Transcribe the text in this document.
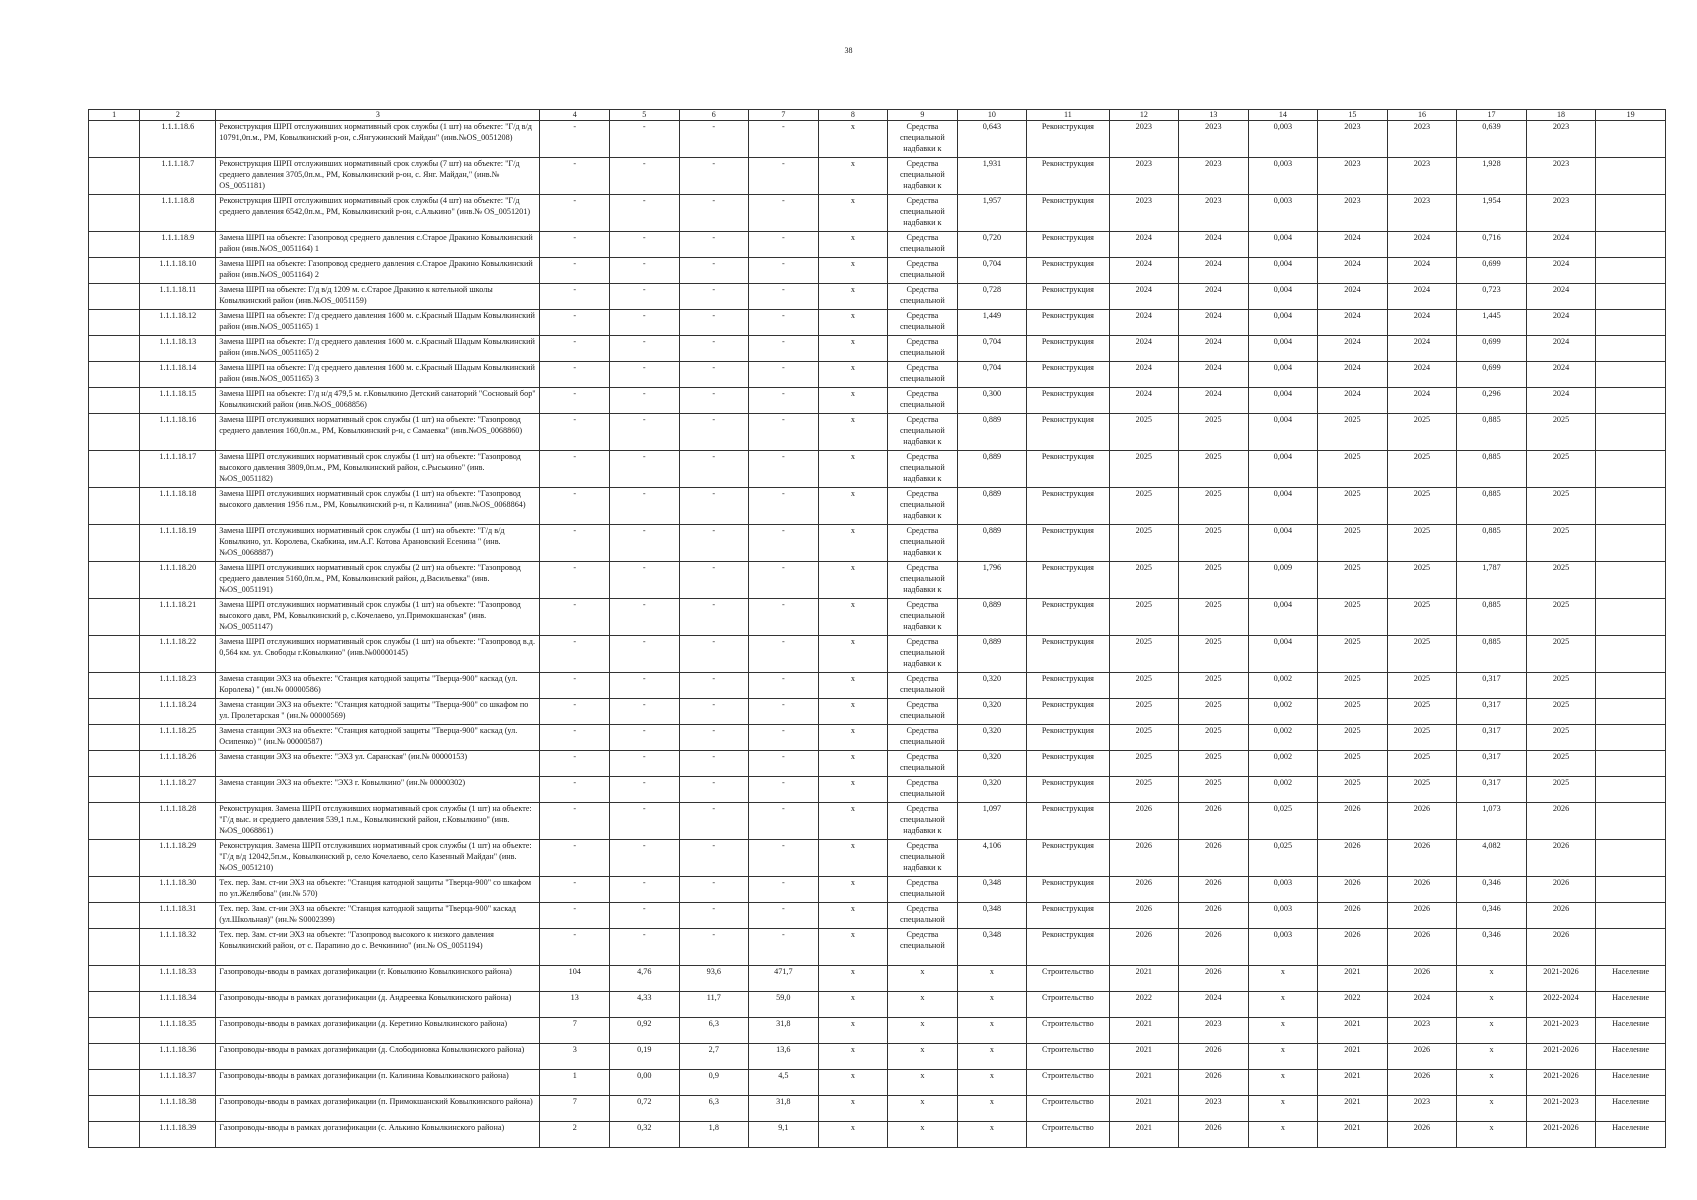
38
1	2	3	4	5	6	7	8	9	10	11	12	13	14	15	16	17	18	19
	1.1.1.18.6	Реконструкция ШРП отслуживших нормативный срок службы (1 шт) на объекте: "Г/д в/д 10791,0п.м., РМ, Ковылкинский р-он, с.Янгужинский Майдан" (инв.№OS_0051208)	-	-	-	-	х	Средства специальной надбавки к	0,643	Реконструкция	2023	2023	0,003	2023	2023	0,639	2023	
	1.1.1.18.7	Реконструкция ШРП отслуживших нормативный срок службы (7 шт) на объекте: "Г/д среднего давления 3705,0п.м., РМ, Ковылкинский р-он, с. Янг. Майдан," (инв.№ OS_0051181)	-	-	-	-	х	Средства специальной надбавки к	1,931	Реконструкция	2023	2023	0,003	2023	2023	1,928	2023	
	1.1.1.18.8	Реконструкция ШРП отслуживших нормативный срок службы (4 шт) на объекте: "Г/д среднего давления 6542,0п.м., РМ, Ковылкинский р-он, с.Алькино" (инв.№ OS_0051201)	-	-	-	-	х	Средства специальной надбавки к	1,957	Реконструкция	2023	2023	0,003	2023	2023	1,954	2023	
	1.1.1.18.9	Замена ШРП на объекте: Газопровод среднего давления с.Старое Дракино Ковылкинский район (инв.№OS_0051164) 1	-	-	-	-	х	Средства специальной	0,720	Реконструкция	2024	2024	0,004	2024	2024	0,716	2024	
	1.1.1.18.10	Замена ШРП на объекте: Газопровод среднего давления с.Старое Дракино Ковылкинский район (инв.№OS_0051164) 2	-	-	-	-	х	Средства специальной	0,704	Реконструкция	2024	2024	0,004	2024	2024	0,699	2024	
	1.1.1.18.11	Замена ШРП на объекте: Г/д в/д 1209 м. с.Старое Дракино к котельной школы Ковылкинский район (инв.№OS_0051159)	-	-	-	-	х	Средства специальной	0,728	Реконструкция	2024	2024	0,004	2024	2024	0,723	2024	
	1.1.1.18.12	Замена ШРП на объекте: Г/д среднего давления 1600 м. с.Красный Шадым Ковылкинский район (инв.№OS_0051165) 1	-	-	-	-	х	Средства специальной	1,449	Реконструкция	2024	2024	0,004	2024	2024	1,445	2024	
	1.1.1.18.13	Замена ШРП на объекте: Г/д среднего давления 1600 м. с.Красный Шадым Ковылкинский район (инв.№OS_0051165) 2	-	-	-	-	х	Средства специальной	0,704	Реконструкция	2024	2024	0,004	2024	2024	0,699	2024	
	1.1.1.18.14	Замена ШРП на объекте: Г/д среднего давления 1600 м. с.Красный Шадым Ковылкинский район (инв.№OS_0051165) 3	-	-	-	-	х	Средства специальной	0,704	Реконструкция	2024	2024	0,004	2024	2024	0,699	2024	
	1.1.1.18.15	Замена ШРП на объекте: Г/д н/д 479,5 м. г.Ковылкино Детский санаторий "Сосновый бор" Ковылкинский район (инв.№OS_0068856)	-	-	-	-	х	Средства специальной	0,300	Реконструкция	2024	2024	0,004	2024	2024	0,296	2024	
	1.1.1.18.16	Замена ШРП отслуживших нормативный срок службы (1 шт) на объекте: "Газопровод среднего давления 160,0п.м., РМ, Ковылкинский р-н, с Самаевка" (инв.№OS_0068860)	-	-	-	-	х	Средства специальной надбавки к	0,889	Реконструкция	2025	2025	0,004	2025	2025	0,885	2025	
	1.1.1.18.17	Замена ШРП отслуживших нормативный срок службы (1 шт) на объекте: "Газопровод высокого давления 3809,0п.м., РМ, Ковылкинский район, с.Рыськино" (инв.№OS_0051182)	-	-	-	-	х	Средства специальной надбавки к	0,889	Реконструкция	2025	2025	0,004	2025	2025	0,885	2025	
	1.1.1.18.18	Замена ШРП отслуживших нормативный срок службы (1 шт) на объекте: "Газопровод высокого давления 1956 п.м., РМ, Ковылкинский р-н, п Калинина" (инв.№OS_0068864)	-	-	-	-	х	Средства специальной надбавки к	0,889	Реконструкция	2025	2025	0,004	2025	2025	0,885	2025	
	1.1.1.18.19	Замена ШРП отслуживших нормативный срок службы (1 шт) на объекте: "Г/д в/д Ковылкино, ул. Королева, Скабкина, им.А.Г. Котова Арановский Есенина " (инв.№OS_0068887)	-	-	-	-	х	Средства специальной надбавки к	0,889	Реконструкция	2025	2025	0,004	2025	2025	0,885	2025	
	1.1.1.18.20	Замена ШРП отслуживших нормативный срок службы (2 шт) на объекте: "Газопровод среднего давления 5160,0п.м., РМ, Ковылкинский район, д.Васильевка" (инв.№OS_0051191)	-	-	-	-	х	Средства специальной надбавки к	1,796	Реконструкция	2025	2025	0,009	2025	2025	1,787	2025	
	1.1.1.18.21	Замена ШРП отслуживших нормативный срок службы (1 шт) на объекте: "Газопровод высокого давл, РМ, Ковылкинский р, с.Кочелаево, ул.Примокшанская" (инв.№OS_0051147)	-	-	-	-	х	Средства специальной надбавки к	0,889	Реконструкция	2025	2025	0,004	2025	2025	0,885	2025	
	1.1.1.18.22	Замена ШРП отслуживших нормативный срок службы (1 шт) на объекте: "Газопровод в.д. 0,564 км. ул. Свободы г.Ковылкино" (инв.№00000145)	-	-	-	-	х	Средства специальной надбавки к	0,889	Реконструкция	2025	2025	0,004	2025	2025	0,885	2025	
	1.1.1.18.23	Замена станции ЭХЗ на объекте: "Станция катодной защиты "Тверца-900" каскад (ул. Королева) " (ин.№ 00000586)	-	-	-	-	х	Средства специальной	0,320	Реконструкция	2025	2025	0,002	2025	2025	0,317	2025	
	1.1.1.18.24	Замена станции ЭХЗ на объекте: "Станция катодной защиты "Тверца-900" со шкафом по ул. Пролетарская " (ин.№ 00000569)	-	-	-	-	х	Средства специальной	0,320	Реконструкция	2025	2025	0,002	2025	2025	0,317	2025	
	1.1.1.18.25	Замена станции ЭХЗ на объекте: "Станция катодной защиты "Тверца-900" каскад (ул. Осипенко) " (ин.№ 00000587)	-	-	-	-	х	Средства специальной	0,320	Реконструкция	2025	2025	0,002	2025	2025	0,317	2025	
	1.1.1.18.26	Замена станции ЭХЗ на объекте: "ЭХЗ ул. Саранская" (ин.№ 00000153)	-	-	-	-	х	Средства специальной	0,320	Реконструкция	2025	2025	0,002	2025	2025	0,317	2025	
	1.1.1.18.27	Замена станции ЭХЗ на объекте: "ЭХЗ г. Ковылкино" (ин.№ 00000302)	-	-	-	-	х	Средства специальной	0,320	Реконструкция	2025	2025	0,002	2025	2025	0,317	2025	
	1.1.1.18.28	Реконструкция. Замена ШРП отслуживших нормативный срок службы (1 шт) на объекте: "Г/д выс. и среднего давления 539,1 п.м., Ковылкинский район, г.Ковылкино" (инв.№OS_0068861)	-	-	-	-	х	Средства специальной надбавки к	1,097	Реконструкция	2026	2026	0,025	2026	2026	1,073	2026	
	1.1.1.18.29	Реконструкция. Замена ШРП отслуживших нормативный срок службы (1 шт) на объекте: "Г/д в/д 12042,5п.м., Ковылкинский р, село Кочелаево, село Казенный Майдан" (инв.№OS_0051210)	-	-	-	-	х	Средства специальной надбавки к	4,106	Реконструкция	2026	2026	0,025	2026	2026	4,082	2026	
	1.1.1.18.30	Тех. пер. Зам. ст-ии ЭХЗ на объекте: "Станция катодной защиты "Тверца-900" со шкафом по ул.Желябова" (ин.№ 570)	-	-	-	-	х	Средства специальной	0,348	Реконструкция	2026	2026	0,003	2026	2026	0,346	2026	
	1.1.1.18.31	Тех. пер. Зам. ст-ии ЭХЗ на объекте: "Станция катодной защиты "Тверца-900" каскад (ул.Школьная)" (ин.№ S0002399)	-	-	-	-	х	Средства специальной	0,348	Реконструкция	2026	2026	0,003	2026	2026	0,346	2026	
	1.1.1.18.32	Тех. пер. Зам. ст-ии ЭХЗ на объекте: "Газопровод высокого к низкого давления Ковылкинский район, от с. Парапино до с. Вечкинино" (ин.№ OS_0051194)	-	-	-	-	х	Средства специальной	0,348	Реконструкция	2026	2026	0,003	2026	2026	0,346	2026	
	1.1.1.18.33	Газопроводы-вводы в рамках догазификации (г. Ковылкино Ковылкинского района)	104	4,76	93,6	471,7	х	х	х	Строительство	2021	2026	х	2021	2026	х	2021-2026	Население
	1.1.1.18.34	Газопроводы-вводы в рамках догазификации (д. Андреевка Ковылкинского района)	13	4,33	11,7	59,0	х	х	х	Строительство	2022	2024	х	2022	2024	х	2022-2024	Население
	1.1.1.18.35	Газопроводы-вводы в рамках догазификации (д. Керетино Ковылкинского района)	7	0,92	6,3	31,8	х	х	х	Строительство	2021	2023	х	2021	2023	х	2021-2023	Население
	1.1.1.18.36	Газопроводы-вводы в рамках догазификации (д. Слободиновка Ковылкинского района)	3	0,19	2,7	13,6	х	х	х	Строительство	2021	2026	х	2021	2026	х	2021-2026	Население
	1.1.1.18.37	Газопроводы-вводы в рамках догазификации (п. Калинина Ковылкинского района)	1	0,00	0,9	4,5	х	х	х	Строительство	2021	2026	х	2021	2026	х	2021-2026	Население
	1.1.1.18.38	Газопроводы-вводы в рамках догазификации (п. Примокшанский Ковылкинского района)	7	0,72	6,3	31,8	х	х	х	Строительство	2021	2023	х	2021	2023	х	2021-2023	Население
	1.1.1.18.39	Газопроводы-вводы в рамках догазификации (с. Алькино Ковылкинского района)	2	0,32	1,8	9,1	х	х	х	Строительство	2021	2026	х	2021	2026	х	2021-2026	Население
